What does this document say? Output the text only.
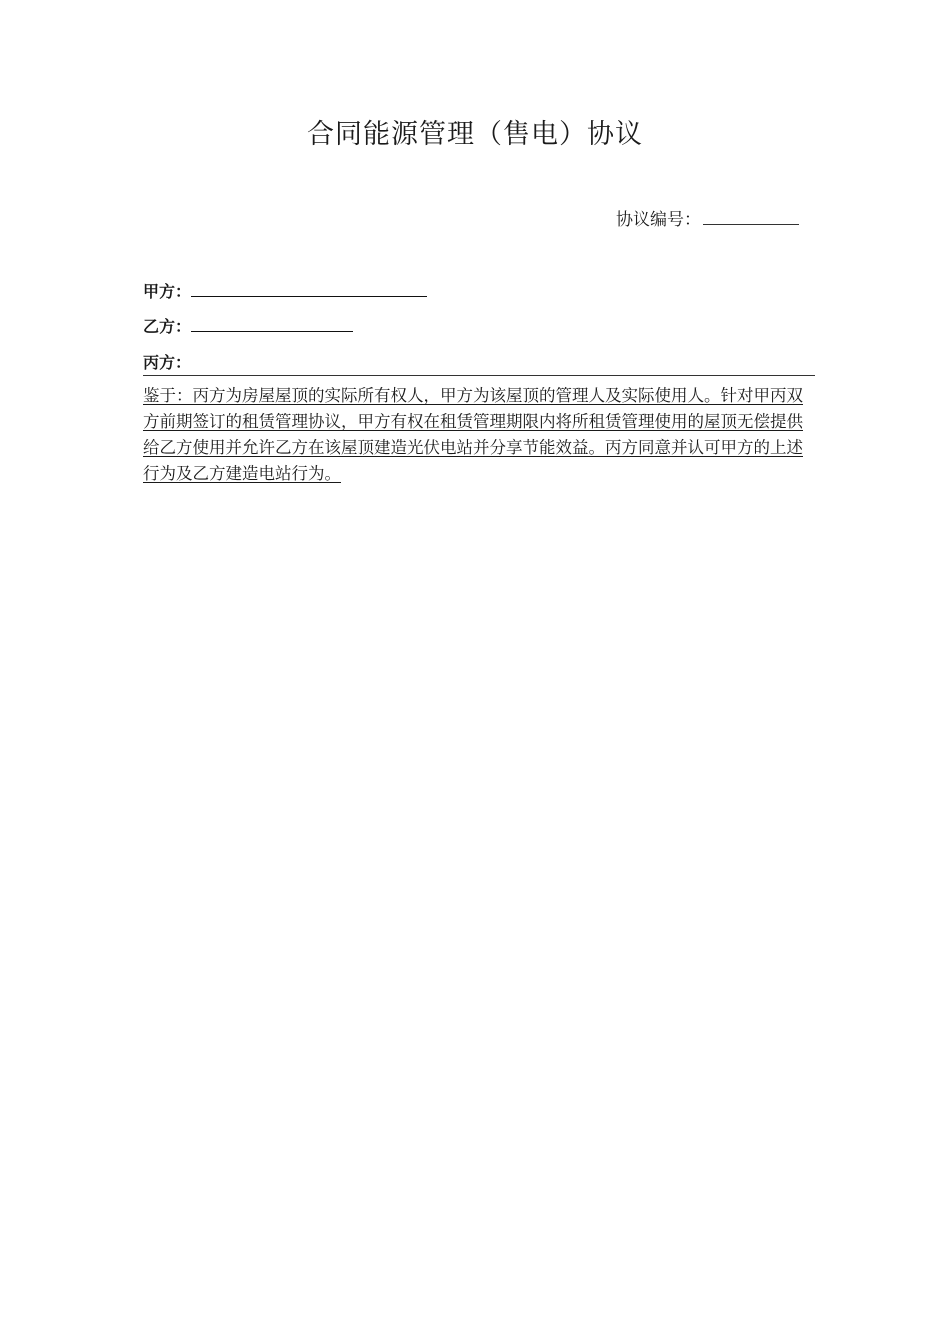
合同能源管理（售电）协议
协议编号：
甲方：
乙方：
丙方：
鉴于：丙方为房屋屋顶的实际所有权人，甲方为该屋顶的管理人及实际使用人。针对甲丙双方前期签订的租赁管理协议，甲方有权在租赁管理期限内将所租赁管理使用的屋顶无偿提供给乙方使用并允许乙方在该屋顶建造光伏电站并分享节能效益。丙方同意并认可甲方的上述行为及乙方建造电站行为。
